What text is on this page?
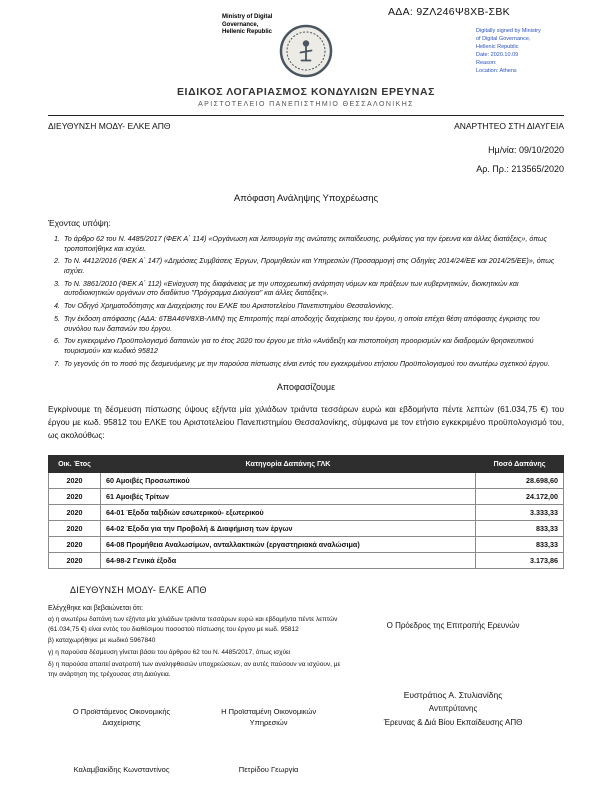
ΑΔΑ: 9ΖΛ246Ψ8ΧΒ-ΣΒΚ
Ministry of Digital Governance, Hellenic Republic	Digitally signed by Ministry
of Digital Governance,
Hellenic Republic
Date: 2020.10.09
Reason:
Location: Athens
ΕΙΔΙΚΟΣ ΛΟΓΑΡΙΑΣΜΟΣ ΚΟΝΔΥΛΙΩΝ ΕΡΕΥΝΑΣ
ΑΡΙΣΤΟΤΕΛΕΙΟ ΠΑΝΕΠΙΣΤΗΜΙΟ ΘΕΣΣΑΛΟΝΙΚΗΣ
ΔΙΕΥΘΥΝΣΗ ΜΟΔΥ- ΕΛΚΕ ΑΠΘ	ΑΝΑΡΤΗΤΕΟ ΣΤΗ ΔΙΑΥΓΕΙΑ
Ημ/νία: 09/10/2020
Αρ. Πρ.: 213565/2020
Απόφαση Ανάληψης Υποχρέωσης
Έχοντας υπόψη:
1. Το άρθρο 62 του Ν. 4485/2017 (ΦΕΚ Α΄ 114) «Οργάνωση και λειτουργία της ανώτατης εκπαίδευσης, ρυθμίσεις για την έρευνα και άλλες διατάξεις», όπως τροποποιήθηκε και ισχύει.
2. Το Ν. 4412/2016 (ΦΕΚ Α΄ 147) «Δημόσιες Συμβάσεις Έργων, Προμηθειών και Υπηρεσιών (Προσαρμογή στις Οδηγίες 2014/24/ΕΕ και 2014/25/ΕΕ)», όπως ισχύει.
3. Το Ν. 3861/2010 (ΦΕΚ Α΄ 112) «Ενίσχυση της διαφάνειας με την υποχρεωτική ανάρτηση νόμων και πράξεων των κυβερνητικών, διοικητικών και αυτοδιοικητικών οργάνων στο διαδίκτυο "Πρόγραμμα Διαύγεια" και άλλες διατάξεις».
4. Τον Οδηγό Χρηματοδότησης και Διαχείρισης του ΕΛΚΕ του Αριστοτελείου Πανεπιστημίου Θεσσαλονίκης.
5. Την έκδοση απόφασης (ΑΔΑ: 6ΤΒΑ46Ψ8ΧΒ-ΛΜΝ) της Επιτροπής περί αποδοχής διαχείρισης του έργου, η οποία επέχει θέση απόφασης έγκρισης του συνόλου των δαπανών του έργου.
6. Τον εγκεκριμένο Προϋπολογισμό δαπανών για το έτος 2020 του έργου με τίτλο «Ανάδειξη και πιστοποίηση προορισμών και διαδρομών θρησκευτικού τουρισμού» και κωδικό 95812
7. Το γεγονός ότι το ποσό της δεσμευόμενης με την παρούσα πίστωσης είναι εντός του εγκεκριμένου ετήσιου Προϋπολογισμού του ανωτέρω σχετικού έργου.
Αποφασίζουμε

Εγκρίνουμε τη δέσμευση πίστωσης ύψους εξήντα μία χιλιάδων τριάντα τεσσάρων ευρώ και εβδομήντα πέντε λεπτών (61.034,75 €) του έργου με κωδ. 95812 του ΕΛΚΕ του Αριστοτελείου Πανεπιστημίου Θεσσαλονίκης, σύμφωνα με τον ετήσιο εγκεκριμένο προϋπολογισμό του, ως ακολούθως:

Οικ. Έτος	Κατηγορία Δαπάνης ΓΛΚ	Ποσό Δαπάνης
2020	60 Αμοιβές Προσωπικού	28.698,60
2020	61 Αμοιβές Τρίτων	24.172,00
2020	64-01 Έξοδα ταξιδιών εσωτερικού- εξωτερικού	3.333,33
2020	64-02 Έξοδα για την Προβολή & Διαφήμιση των έργων	833,33
2020	64-08 Προμήθεια Αναλωσίμων, ανταλλακτικών (εργαστηριακά αναλώσιμα)	833,33
2020	64-98-2 Γενικά έξοδα	3.173,86
ΔΙΕΥΘΥΝΣΗ ΜΟΔΥ- ΕΛΚΕ ΑΠΘ
Ελέγχθηκε και βεβαιώνεται ότι:
α) η ανωτέρω δαπάνη των εξήντα μία χιλιάδων τριάντα τεσσάρων ευρώ και εβδομήντα πέντε λεπτών (61.034,75 €) είναι εντός του διαθέσιμου ποσοστού πίστωσης του έργου με κωδ. 95812
β) καταχωρήθηκε με κωδικό 5967840
γ) η παρούσα δέσμευση γίνεται βάσει του άρθρου 62 του Ν. 4485/2017, όπως ισχύει
δ) η παρούσα απαιτεί ανατροπή των αναληφθεισών υποχρεώσεων, αν αυτές παύσουν να ισχύουν, με την ανάρτηση της τρέχουσας στη Διαύγεια.
Ο Προϊστάμενος Οικονομικής Διαχείρισης
Η Προϊσταμένη Οικονομικών Υπηρεσιών
Καλαμβακίδης Κωνσταντίνος	Πετρίδου Γεωργία
Ο Πρόεδρος της Επιτροπής Ερευνών
Ευστράτιος Α. Στυλιανίδης
Αντιπρύτανης
Έρευνας & Διά Βίου Εκπαίδευσης ΑΠΘ
